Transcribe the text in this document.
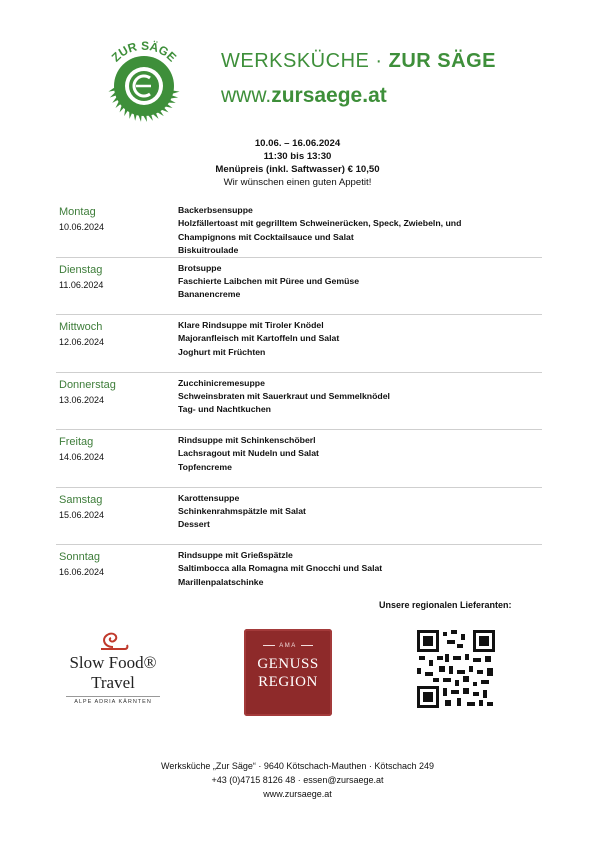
ZUR SÄGE WERKSKÜCHE · ZUR SÄGE
www.zursaege.at
10.06. – 16.06.2024
11:30 bis 13:30
Menüpreis (inkl. Saftwasser) € 10,50
Wir wünschen einen guten Appetit!
Montag
10.06.2024
Backerbsensuppe
Holzfällertoast mit gegrilltem Schweinerücken, Speck, Zwiebeln, und
Champignons mit Cocktailsauce und Salat
Biskuitroulade
Dienstag
11.06.2024
Brotsuppe
Faschierte Laibchen mit Püree und Gemüse
Bananencreme
Mittwoch
12.06.2024
Klare Rindsuppe mit Tiroler Knödel
Majoranfleisch mit Kartoffeln und Salat
Joghurt mit Früchten
Donnerstag
13.06.2024
Zucchinicremesuppe
Schweinsbraten mit Sauerkraut und Semmelknödel
Tag- und Nachtkuchen
Freitag
14.06.2024
Rindsuppe mit Schinkenschöberl
Lachsragout mit Nudeln und Salat
Topfencreme
Samstag
15.06.2024
Karottensuppe
Schinkenrahmspätzle mit Salat
Dessert
Sonntag
16.06.2024
Rindsuppe mit Grießspätzle
Saltimbocca alla Romagna mit Gnocchi und Salat
Marillenpalatschinke
Unsere regionalen Lieferanten:
Slow Food®
Travel
ALPE ADRIA KÄRNTEN
AMA
GENUSS
REGION
Werksküche „Zur Säge“ · 9640 Kötschach-Mauthen · Kötschach 249
+43 (0)4715 8126 48 · essen@zursaege.at
www.zursaege.at
